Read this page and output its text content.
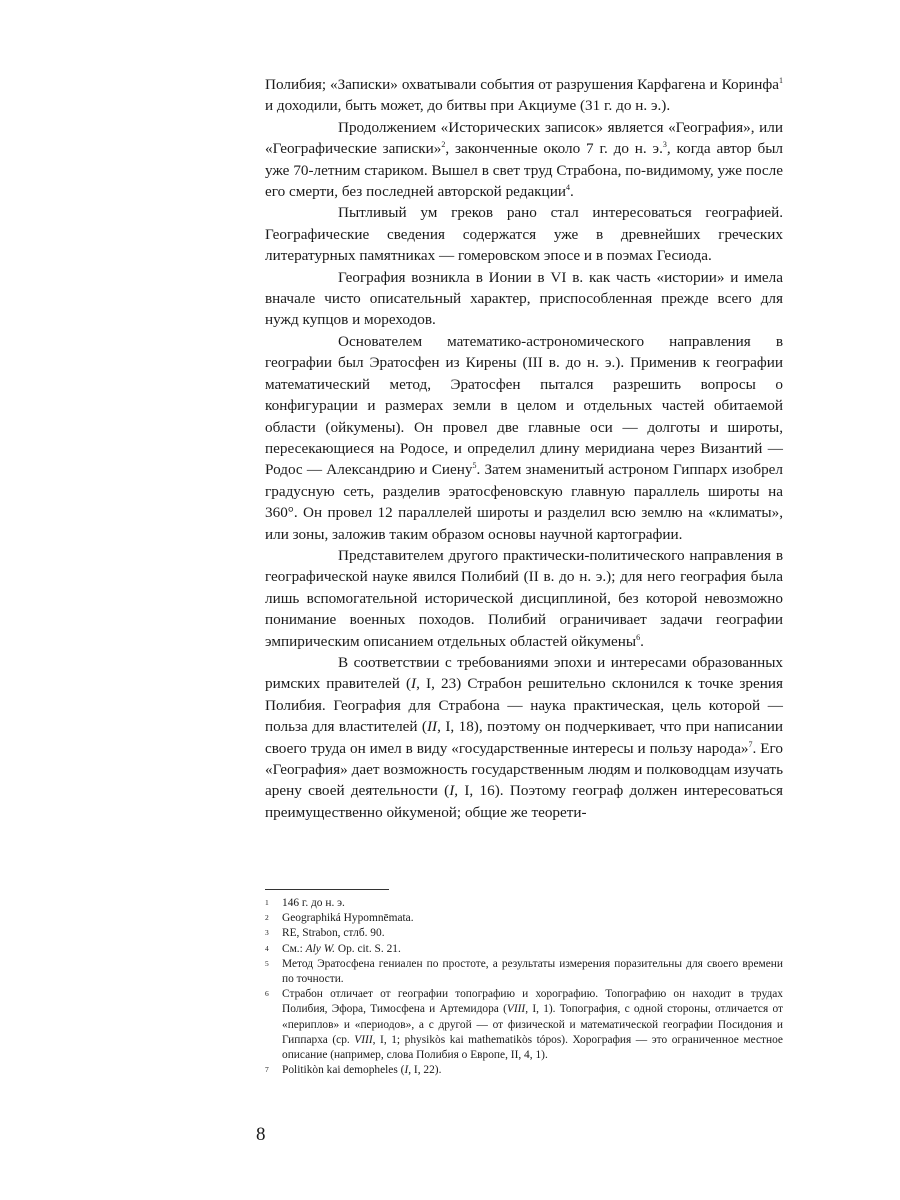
Полибия; «Записки» охватывали события от разрушения Карфагена и Коринфа$^1$ и доходили, быть может, до битвы при Акциуме (31 г. до н. э.).

Продолжением «Исторических записок» является «География», или «Географические записки»$^2$, законченные около 7 г. до н. э.$^3$, когда автор был уже 70-летним стариком. Вышел в свет труд Страбона, по-видимому, уже после его смерти, без последней авторской редакции$^4$.

Пытливый ум греков рано стал интересоваться географией. Географические сведения содержатся уже в древнейших греческих литературных памятниках — гомеровском эпосе и в поэмах Гесиода.

География возникла в Ионии в VI в. как часть «истории» и имела вначале чисто описательный характер, приспособленная прежде всего для нужд купцов и мореходов.

Основателем математико-астрономического направления в географии был Эратосфен из Кирены (III в. до н. э.). Применив к географии математический метод, Эратосфен пытался разрешить вопросы о конфигурации и размерах земли в целом и отдельных частей обитаемой области (ойкумены). Он провел две главные оси — долготы и широты, пересекающиеся на Родосе, и определил длину меридиана через Византий — Родос — Александрию и Сиену$^5$. Затем знаменитый астроном Гиппарх изобрел градусную сеть, разделив эратосфеновскую главную параллель широты на 360°. Он провел 12 параллелей широты и разделил всю землю на «климаты», или зоны, заложив таким образом основы научной картографии.

Представителем другого практически-политического направления в географической науке явился Полибий (II в. до н. э.); для него география была лишь вспомогательной исторической дисциплиной, без которой невозможно понимание военных походов. Полибий ограничивает задачи географии эмпирическим описанием отдельных областей ойкумены$^6$.

В соответствии с требованиями эпохи и интересами образованных римских правителей (I, I, 23) Страбон решительно склонился к точке зрения Полибия. География для Страбона — наука практическая, цель которой — польза для властителей (II, I, 18), поэтому он подчеркивает, что при написании своего труда он имел в виду «государственные интересы и пользу народа»$^7$. Его «География» дает возможность государственным людям и полководцам изучать арену своей деятельности (I, I, 16). Поэтому географ должен интересоваться преимущественно ойкуменой; общие же теорети-

1 146 г. до н. э.
2 Geographiká Hypomnēmata.
3 RE, Strabon, стлб. 90.
4 См.: Aly W. Op. cit. S. 21.
5 Метод Эратосфена гениален по простоте, а результаты измерения поразительны для своего времени по точности.
6 Страбон отличает от географии топографию и хорографию. Топографию он находит в трудах Полибия, Эфора, Тимосфена и Артемидора (VIII, I, 1). Топография, с одной стороны, отличается от «периплов» и «периодов», а с другой — от физической и математической географии Посидония и Гиппарха (ср. VIII, I, 1; physikòs kai mathematikòs tópos). Хорография — это ограниченное местное описание (например, слова Полибия о Европе, II, 4, 1).
7 Politikòn kai demopheles (I, I, 22).
8
